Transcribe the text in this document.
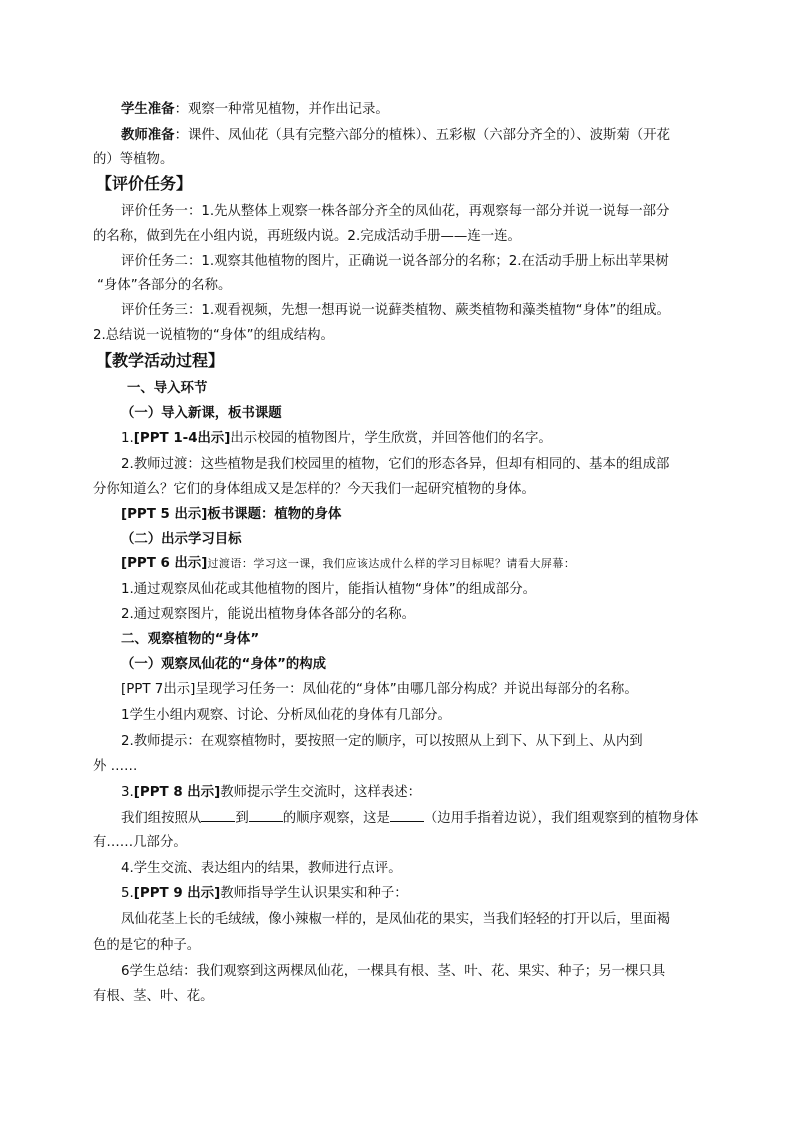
学生准备：观察一种常见植物，并作出记录。
教师准备：课件、凤仙花（具有完整六部分的植株）、五彩椒（六部分齐全的）、波斯菊（开花
的）等植物。
【评价任务】
评价任务一：1.先从整体上观察一株各部分齐全的凤仙花，再观察每一部分并说一说每一部分
的名称，做到先在小组内说，再班级内说。2.完成活动手册——连一连。
评价任务二：1.观察其他植物的图片，正确说一说各部分的名称；2.在活动手册上标出苹果树
“身体”各部分的名称。
评价任务三：1.观看视频，先想一想再说一说藓类植物、蕨类植物和藻类植物“身体”的组成。
2.总结说一说植物的“身体”的组成结构。
【教学活动过程】
一、导入环节
（一）导入新课，板书课题
1.[PPT 1-4出示]出示校园的植物图片，学生欣赏，并回答他们的名字。
2.教师过渡：这些植物是我们校园里的植物，它们的形态各异，但却有相同的、基本的组成部
分你知道么？它们的身体组成又是怎样的？今天我们一起研究植物的身体。
[PPT 5 出示]板书课题：植物的身体
（二）出示学习目标
[PPT 6 出示]过渡语：学习这一课，我们应该达成什么样的学习目标呢？请看大屏幕：
1.通过观察凤仙花或其他植物的图片，能指认植物“身体”的组成部分。
2.通过观察图片，能说出植物身体各部分的名称。
二、观察植物的“身体”
（一）观察凤仙花的“身体”的构成
[PPT 7出示]呈现学习任务一：凤仙花的“身体”由哪几部分构成？并说出每部分的名称。
1学生小组内观察、讨论、分析凤仙花的身体有几部分。
2.教师提示：在观察植物时，要按照一定的顺序，可以按照从上到下、从下到上、从内到
外 ……
3.[PPT 8 出示]教师提示学生交流时，这样表述：
我们组按照从	到	的顺序观察，这是	（边用手指着边说），我们组观察到的植物身体
有……几部分。
4.学生交流、表达组内的结果，教师进行点评。
5.[PPT 9 出示]教师指导学生认识果实和种子：
凤仙花茎上长的毛绒绒，像小辣椒一样的，是凤仙花的果实，当我们轻轻的打开以后，里面褐
色的是它的种子。
6学生总结：我们观察到这两棵凤仙花，一棵具有根、茎、叶、花、果实、种子；另一棵只具
有根、茎、叶、花。
